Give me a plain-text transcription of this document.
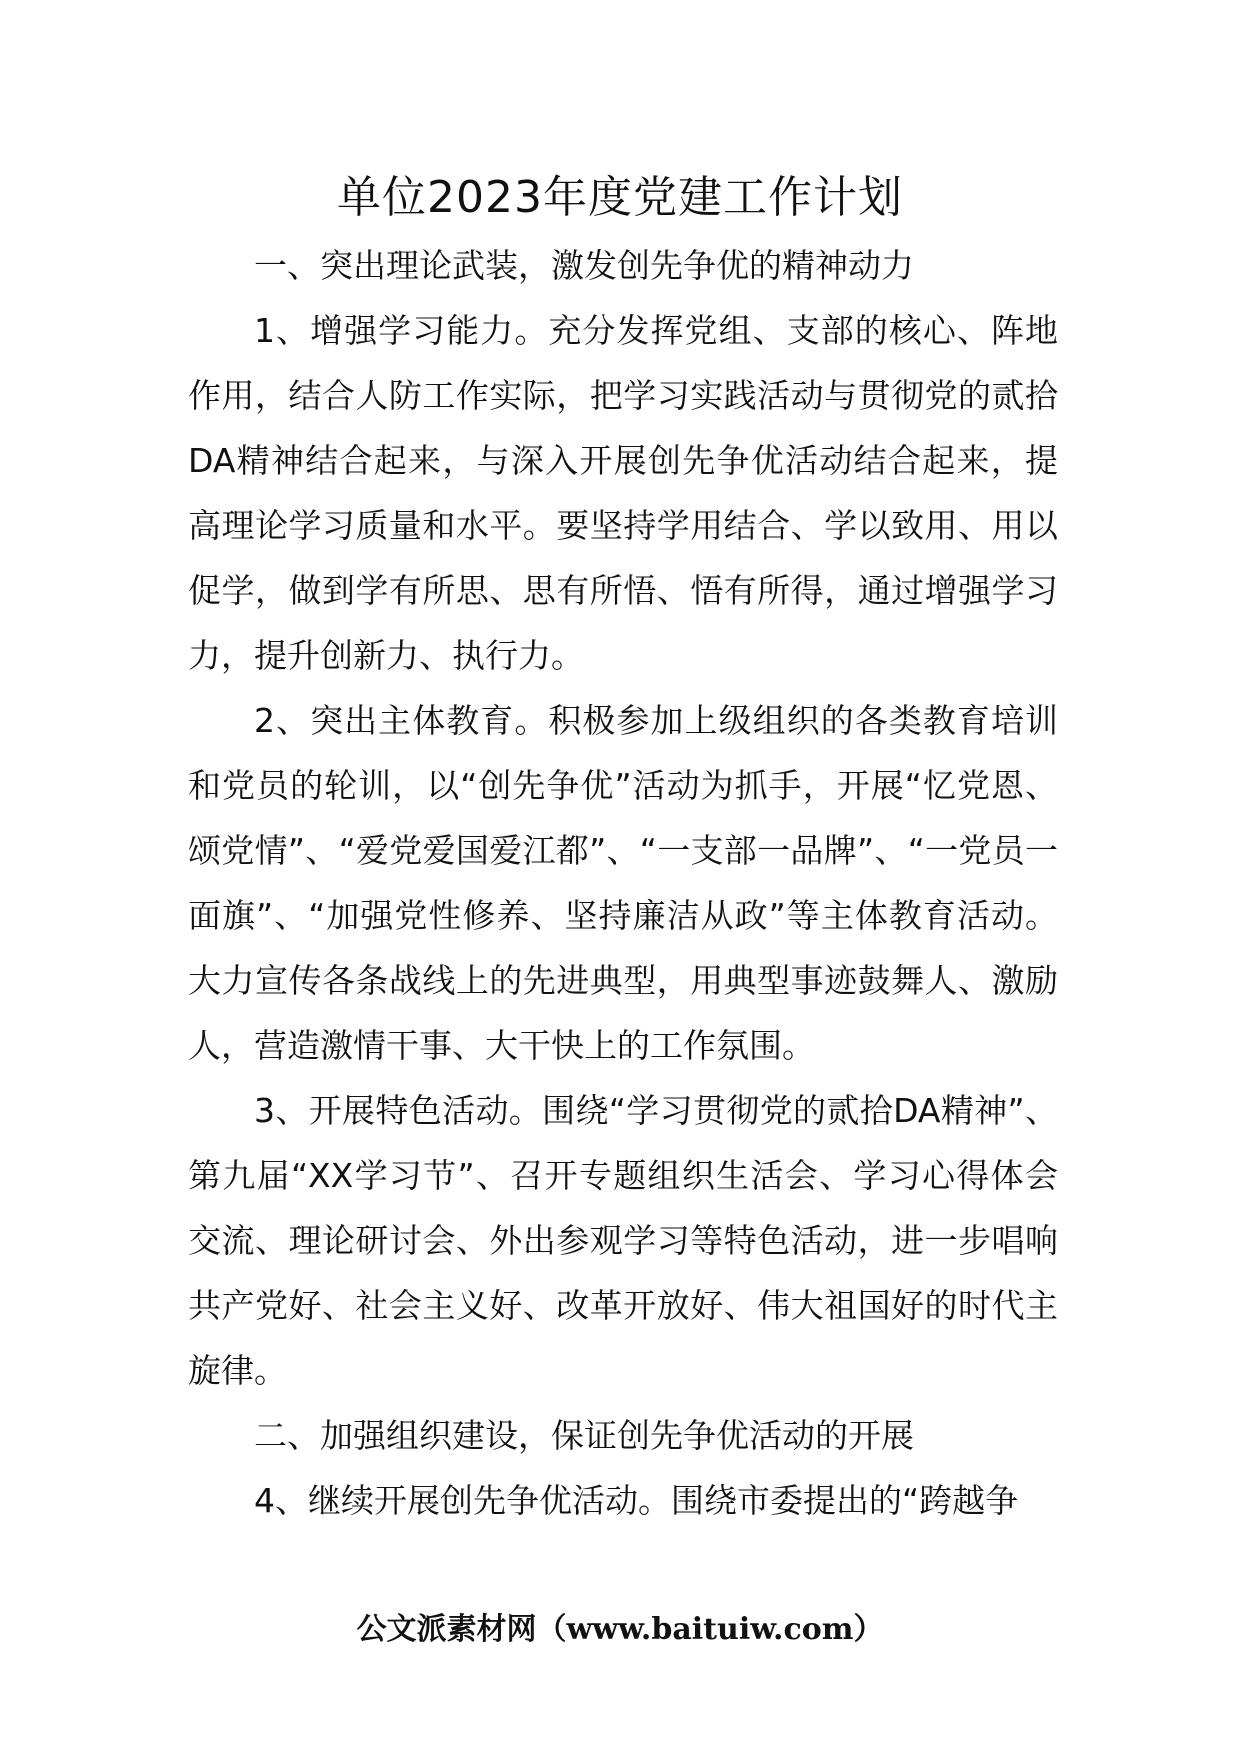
单位2023年度党建工作计划

一、突出理论武装，激发创先争优的精神动力

1、增强学习能力。充分发挥党组、支部的核心、阵地作用，结合人防工作实际，把学习实践活动与贯彻党的贰拾DA精神结合起来，与深入开展创先争优活动结合起来，提高理论学习质量和水平。要坚持学用结合、学以致用、用以促学，做到学有所思、思有所悟、悟有所得，通过增强学习力，提升创新力、执行力。

2、突出主体教育。积极参加上级组织的各类教育培训和党员的轮训，以“创先争优”活动为抓手，开展“忆党恩、颂党情”、“爱党爱国爱江都”、“一支部一品牌”、“一党员一面旗”、“加强党性修养、坚持廉洁从政”等主体教育活动。大力宣传各条战线上的先进典型，用典型事迹鼓舞人、激励人，营造激情干事、大干快上的工作氛围。

3、开展特色活动。围绕“学习贯彻党的贰拾DA精神”、第九届“XX学习节”、召开专题组织生活会、学习心得体会交流、理论研讨会、外出参观学习等特色活动，进一步唱响共产党好、社会主义好、改革开放好、伟大祖国好的时代主旋律。

二、加强组织建设，保证创先争优活动的开展

4、继续开展创先争优活动。围绕市委提出的“跨越争

公文派素材网（www.baituiw.com）
